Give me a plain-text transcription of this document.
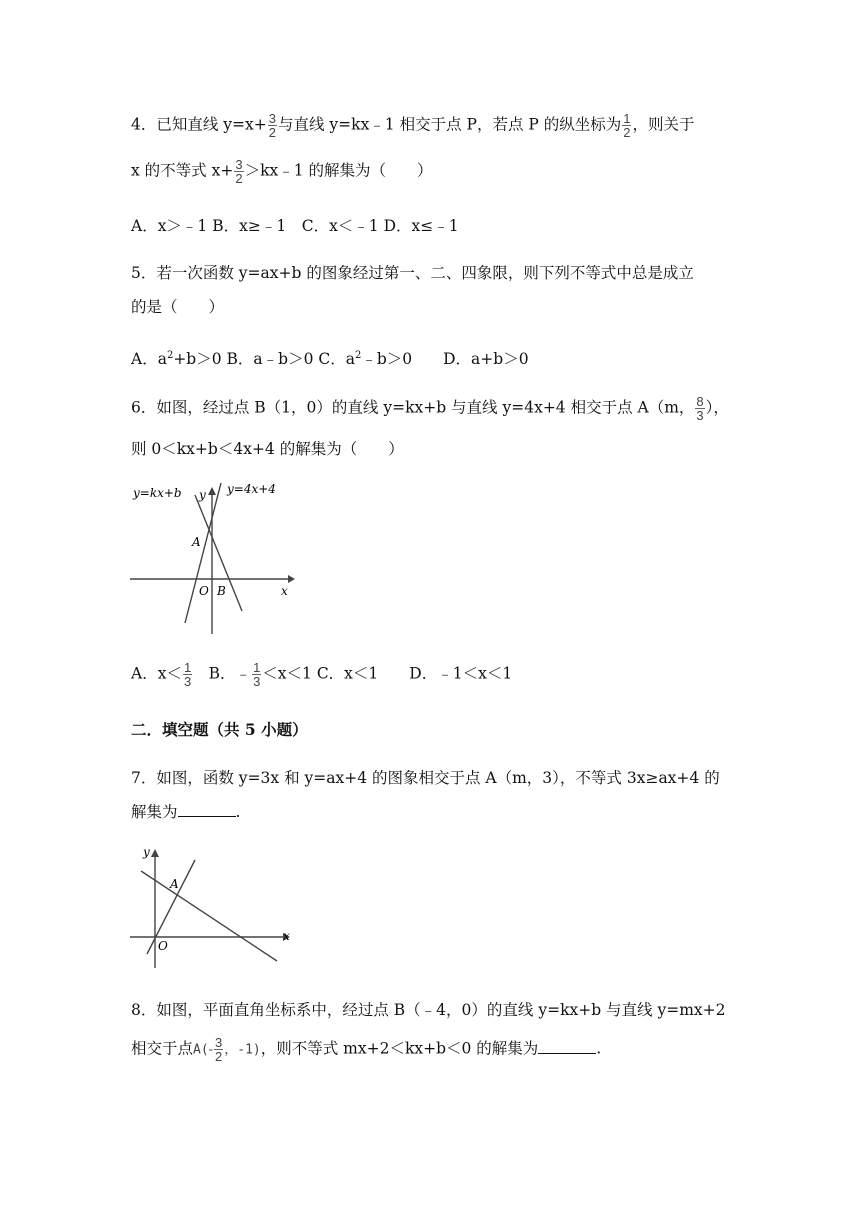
4．已知直线 $y=x+ \frac{3}{2}$ 与直线 y=kx﹣1 相交于点 P，若点 P 的纵坐标为 $\frac{1}{2}$ ，则关于
x 的不等式 $x+ \frac{3}{2}$ ＞kx﹣1 的解集为（　　）
A．x＞﹣1 B．x≥﹣1　C．x＜﹣1 D．x≤﹣1
5．若一次函数 y=ax+b 的图象经过第一、二、四象限，则下列不等式中总是成立
的是（　　）
A．$a^2+b>0$ B．a﹣b＞0 C．$a^2﹣b>0$　　D．a+b＞0
6．如图，经过点 B（1，0）的直线 y=kx+b 与直线 y=4x+4 相交于点 A（m， $\frac{8}{3}$ ），
则 0＜kx+b＜4x+4 的解集为（　　）
y=kx+b y y=4x+4
A
O B	x
A．$x< \frac{1}{3}$ 　B．﹣ $\frac{1}{3} <x<1$ C．x＜1　　D．﹣1＜x＜1
二．填空题（共 5 小题）
7．如图，函数 y=3x 和 y=ax+4 的图象相交于点 A（m，3），不等式 3x≥ax+4 的
解集为	.
y
A
O
x
8．如图，平面直角坐标系中，经过点 B（﹣4，0）的直线 y=kx+b 与直线 y=mx+2
相交于点$A(- \frac{3}{2}$ ，-1)，则不等式 mx+2＜kx+b＜0 的解集为	.
